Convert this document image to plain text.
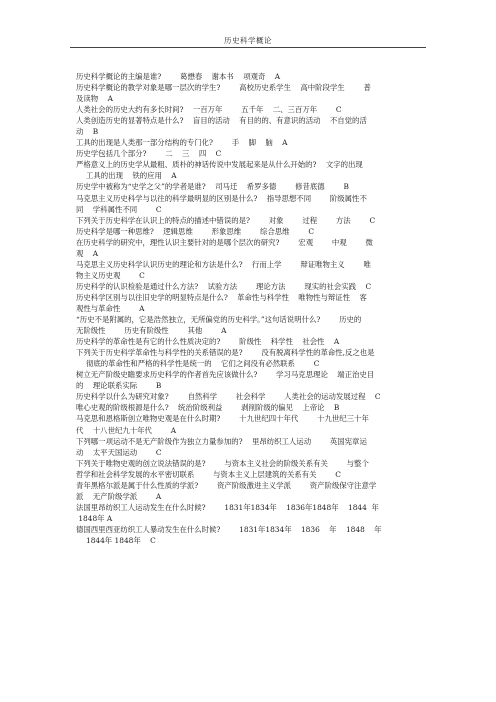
历史科学概论
历史科学概论的主编是谁?        葛懋春    谢本书    项观奇    A
历史科学概论的教学对象是哪一层次的学生?        高校历史系学生    高中阶段学生        普
及读物    A
人类社会的历史大约有多长时间?    一百万年        五千年    二、三百万年        C
人类创造历史的显著特点是什么?    盲目的活动    有目的的、有意识的活动    不自觉的活
动    B
工具的出现是人类那一部分结构的专门化?        手    脚    脑    A
历史学包括几个部分?        二    三    四    C
严格意义上的历史学从最粗、质朴的神话传说中发展起来是从什么开始的?    文字的出现
工具的出现    铁的应用    A
历史学中被称为“史学之父”的学者是谁?    司马迁    希罗多德        修昔底德        B
马克思主义历史科学与以往的科学最明显的区别是什么?    指导思想不同        阶级属性不
同    学科属性不同        C
下列关于历史科学在认识上的特点的描述中错误的是?        对象        过程        方法        C
历史科学是哪一种思维?    逻辑思维        形象思维        综合思维        C
在历史科学的研究中，理性认识主要针对的是哪个层次的研究?        宏观        中观        微
观    A
马克思主义历史科学认识历史的理论和方法是什么?    行而上学        辩证唯物主义        唯
物主义历史观        C
历史科学的认识检验是通过什么方法?    试验方法        理论方法        现实的社会实践    C
历史科学区别与以往旧史学的明显特点是什么?    革命性与科学性    唯物性与辩证性    客
观性与革命性        A
“历史不是附属的，它是浩然独立，无所偏党的历史科学。”这句话说明什么?        历史的
无阶级性        历史有阶级性        其他        A
历史科学的革命性是有它的什么性质决定的?        阶级性    科学性    社会性    A
下列关于历史科学革命性与科学性的关系错误的是?        没有脱离科学性的革命性,反之也是
彻底的革命性和严格的科学性是统一的    它们之间没有必然联系        C
树立无产阶级史瞻要求历史科学的作者首先应该做什么?        学习马克思理论    端正治史目
的    理论联系实际        B
历史科学以什么为研究对象?        自然科学        社会科学        人类社会的运动发展过程    C
唯心史观的阶级根源是什么?    统治阶级利益        剥削阶级的偏见    上帝论    B
马克思和恩格斯创立唯物史观是在什么时期?        十九世纪四十年代        十九世纪三十年
代    十八世纪九十年代        A
下列哪一项运动不是无产阶级作为独立力量参加的?    里昂纺织工人运动        英国宪章运
动    太平天国运动        C
下列关于唯物史观的创立说法错误的是?        与资本主义社会的阶级关系有关        与整个
哲学和社会科学发展的水平密切联系        与资本主义上层建筑的关系有关        C
青年黑格尔派是属于什么性质的学派?        资产阶级激进主义学派        资产阶级保守注意学
派    无产阶级学派        A
法国里昂纺织工人运动发生在什么时候?        1831年1834年    1836年1848年    1844  年
1848年 A
德国西里西亚纺织工人暴动发生在什么时候?        1831年1834年    1836    年    1848    年
1844年 1848年    C
